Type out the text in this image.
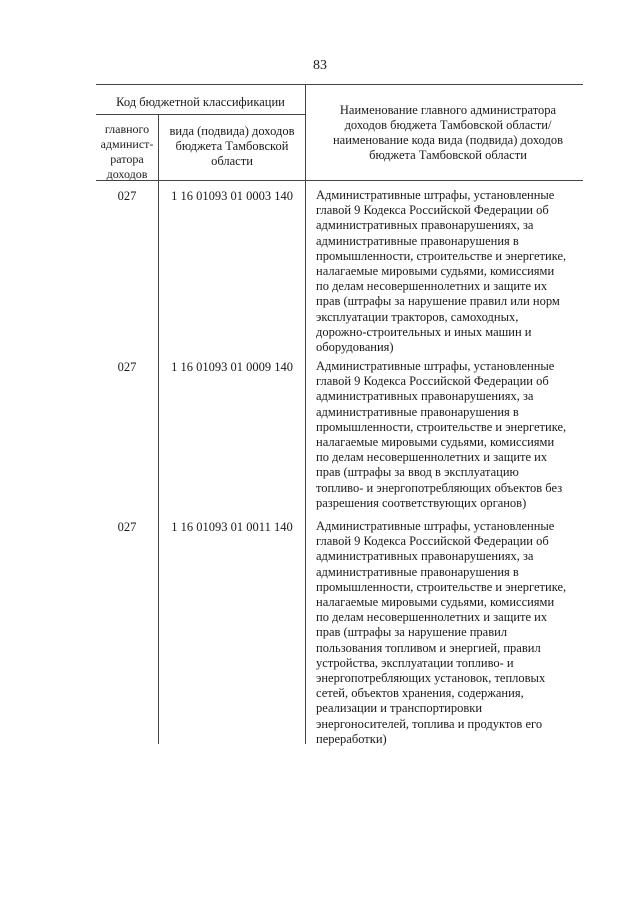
83
Код бюджетной классификации
главного админист-ратора доходов
вида (подвида) доходов бюджета Тамбовской области
Наименование главного администратора доходов бюджета Тамбовской области/наименование кода вида (подвида) доходов бюджета Тамбовской области
027	1 16 01093 01 0003 140	Административные штрафы, установленные
главой 9 Кодекса Российской Федерации об
административных правонарушениях, за
административные правонарушения в
промышленности, строительстве и энергетике,
налагаемые мировыми судьями, комиссиями
по делам несовершеннолетних и защите их
прав (штрафы за нарушение правил или норм
эксплуатации тракторов, самоходных,
дорожно-строительных и иных машин и
оборудования)
027	1 16 01093 01 0009 140	Административные штрафы, установленные
главой 9 Кодекса Российской Федерации об
административных правонарушениях, за
административные правонарушения в
промышленности, строительстве и энергетике,
налагаемые мировыми судьями, комиссиями
по делам несовершеннолетних и защите их
прав (штрафы за ввод в эксплуатацию
топливо- и энергопотребляющих объектов без
разрешения соответствующих органов)
027	1 16 01093 01 0011 140	Административные штрафы, установленные
главой 9 Кодекса Российской Федерации об
административных правонарушениях, за
административные правонарушения в
промышленности, строительстве и энергетике,
налагаемые мировыми судьями, комиссиями
по делам несовершеннолетних и защите их
прав (штрафы за нарушение правил
пользования топливом и энергией, правил
устройства, эксплуатации топливо- и
энергопотребляющих установок, тепловых
сетей, объектов хранения, содержания,
реализации и транспортировки
энергоносителей, топлива и продуктов его
переработки)
